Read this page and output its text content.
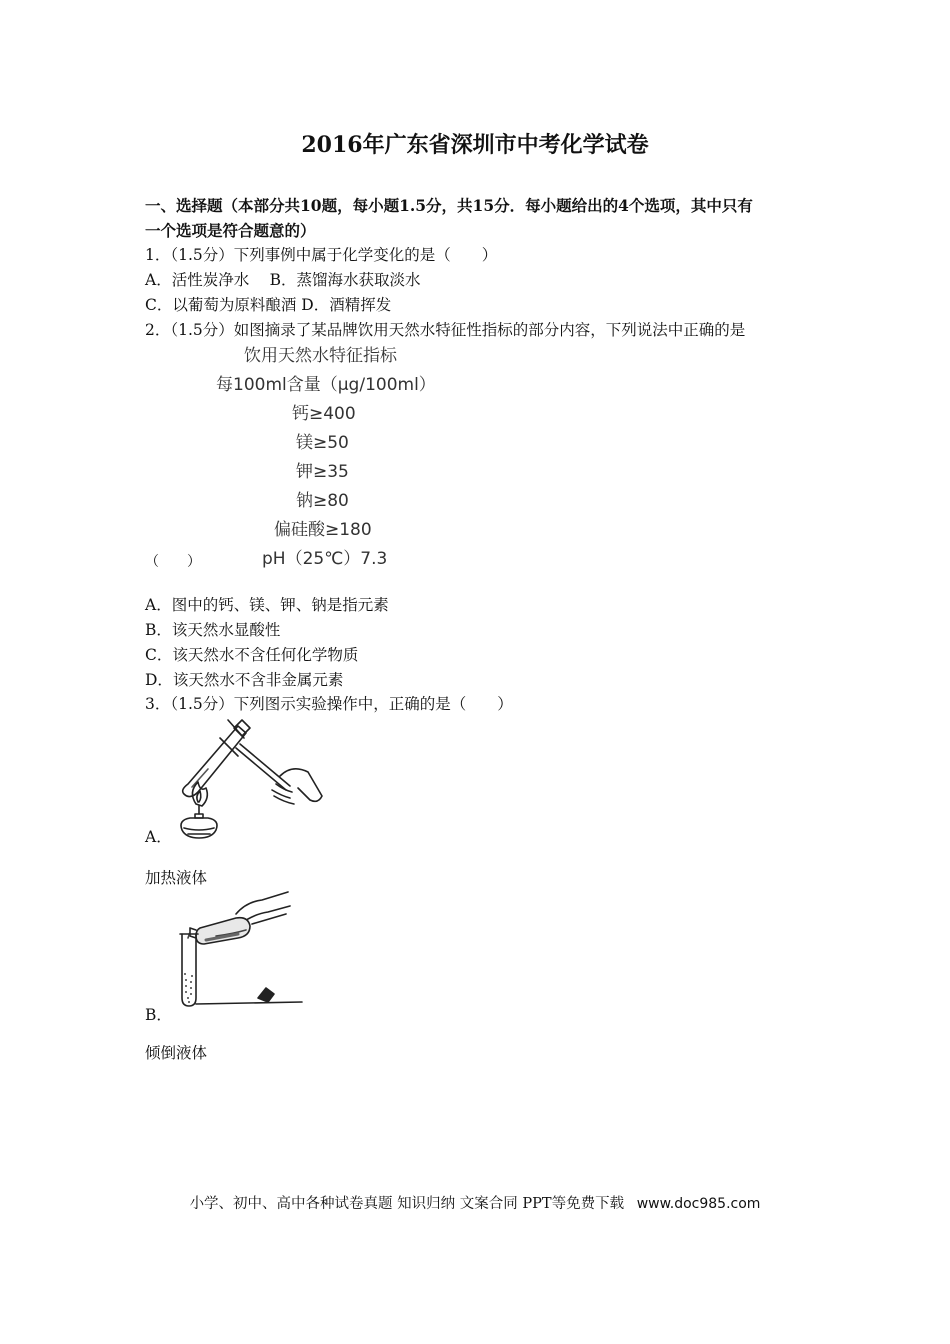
2016年广东省深圳市中考化学试卷
一、选择题（本部分共10题，每小题1.5分，共15分．每小题给出的4个选项，其中只有
一个选项是符合题意的）
1．（1.5分）下列事例中属于化学变化的是（　　）
A．活性炭净水　 B．蒸馏海水获取淡水
C．以葡萄为原料酿酒 D．酒精挥发
2．（1.5分）如图摘录了某品牌饮用天然水特征性指标的部分内容，下列说法中正确的是
饮用天然水特征指标
每100ml含量（μg/100ml）
钙≥400
镁≥50
钾≥35
钠≥80
偏硅酸≥180
pH（25℃）7.3
（　　）
A．图中的钙、镁、钾、钠是指元素
B．该天然水显酸性
C．该天然水不含任何化学物质
D．该天然水不含非金属元素
3．（1.5分）下列图示实验操作中，正确的是（　　）
A．
加热液体
B．
倾倒液体
小学、初中、高中各种试卷真题 知识归纳 文案合同 PPT等免费下载 www.doc985.com
